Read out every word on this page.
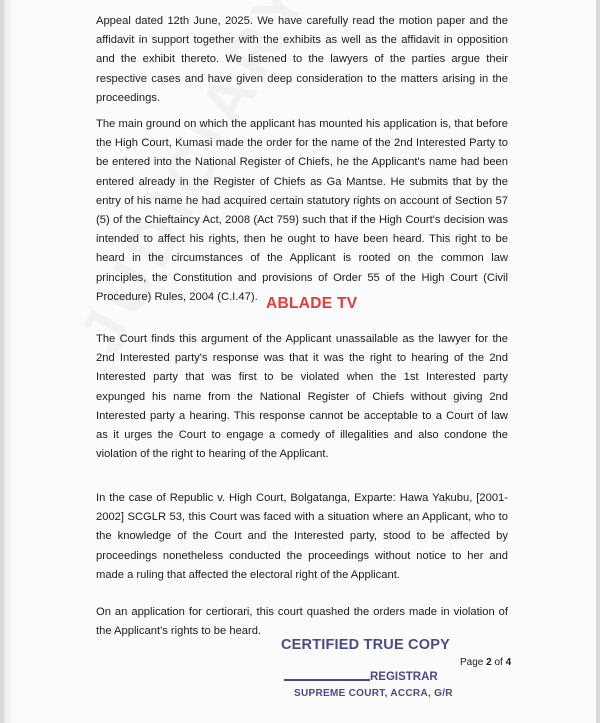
Appeal dated 12th June, 2025. We have carefully read the motion paper and the affidavit in support together with the exhibits as well as the affidavit in opposition and the exhibit thereto. We listened to the lawyers of the parties argue their respective cases and have given deep consideration to the matters arising in the proceedings.

The main ground on which the applicant has mounted his application is, that before the High Court, Kumasi made the order for the name of the 2nd Interested Party to be entered into the National Register of Chiefs, he the Applicant's name had been entered already in the Register of Chiefs as Ga Mantse. He submits that by the entry of his name he had acquired certain statutory rights on account of Section 57 (5) of the Chieftaincy Act, 2008 (Act 759) such that if the High Court's decision was intended to affect his rights, then he ought to have been heard. This right to be heard in the circumstances of the Applicant is rooted on the common law principles, the Constitution and provisions of Order 55 of the High Court (Civil Procedure) Rules, 2004 (C.I.47). ABLADE TV

The Court finds this argument of the Applicant unassailable as the lawyer for the 2nd Interested party's response was that it was the right to hearing of the 2nd Interested party that was first to be violated when the 1st Interested party expunged his name from the National Register of Chiefs without giving 2nd Interested party a hearing. This response cannot be acceptable to a Court of law as it urges the Court to engage a comedy of illegalities and also condone the violation of the right to hearing of the Applicant.

In the case of Republic v. High Court, Bolgatanga, Exparte: Hawa Yakubu, [2001-2002] SCGLR 53, this Court was faced with a situation where an Applicant, who to the knowledge of the Court and the Interested party, stood to be affected by proceedings nonetheless conducted the proceedings without notice to her and made a ruling that affected the electoral right of the Applicant.

On an application for certiorari, this court quashed the orders made in violation of the Applicant's rights to be heard.

CERTIFIED TRUE COPY
REGISTRAR
SUPREME COURT, ACCRA, G/R
Page 2 of 4
